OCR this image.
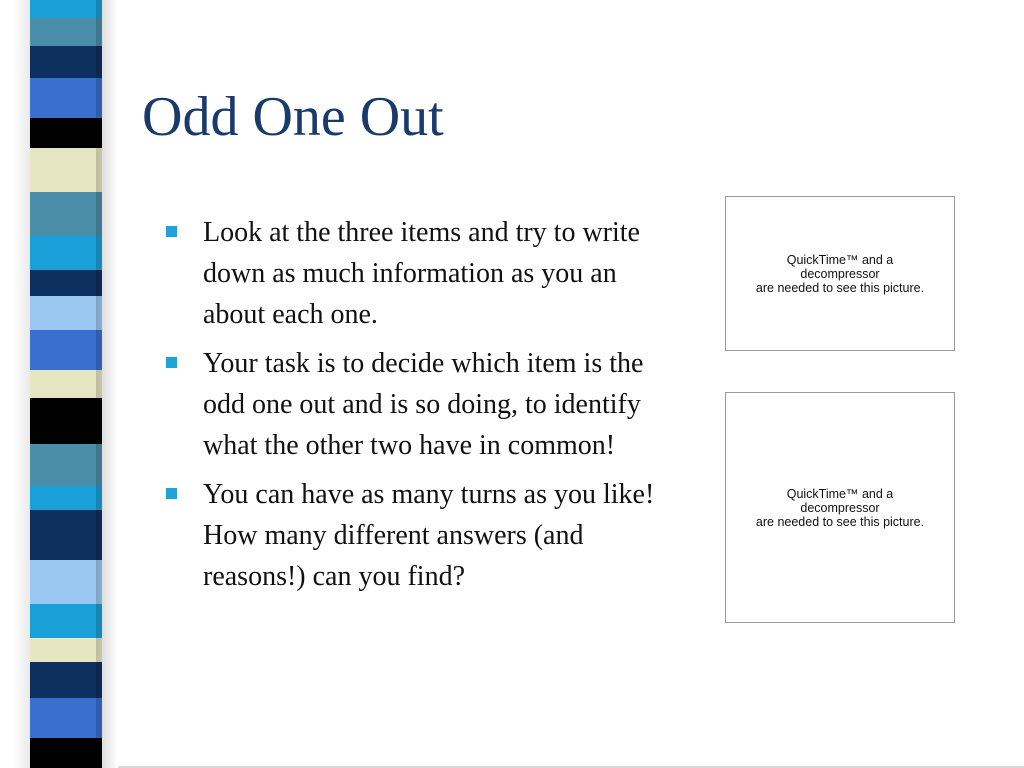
Odd One Out
Look at the three items and try to write down as much information as you an about each one.
Your task is to decide which item is the odd one out and is so doing, to identify what the other two have in common!
You can have as many turns as you like! How many different answers (and reasons!) can you find?
QuickTime™ and a
decompressor
are needed to see this picture.
QuickTime™ and a
decompressor
are needed to see this picture.
